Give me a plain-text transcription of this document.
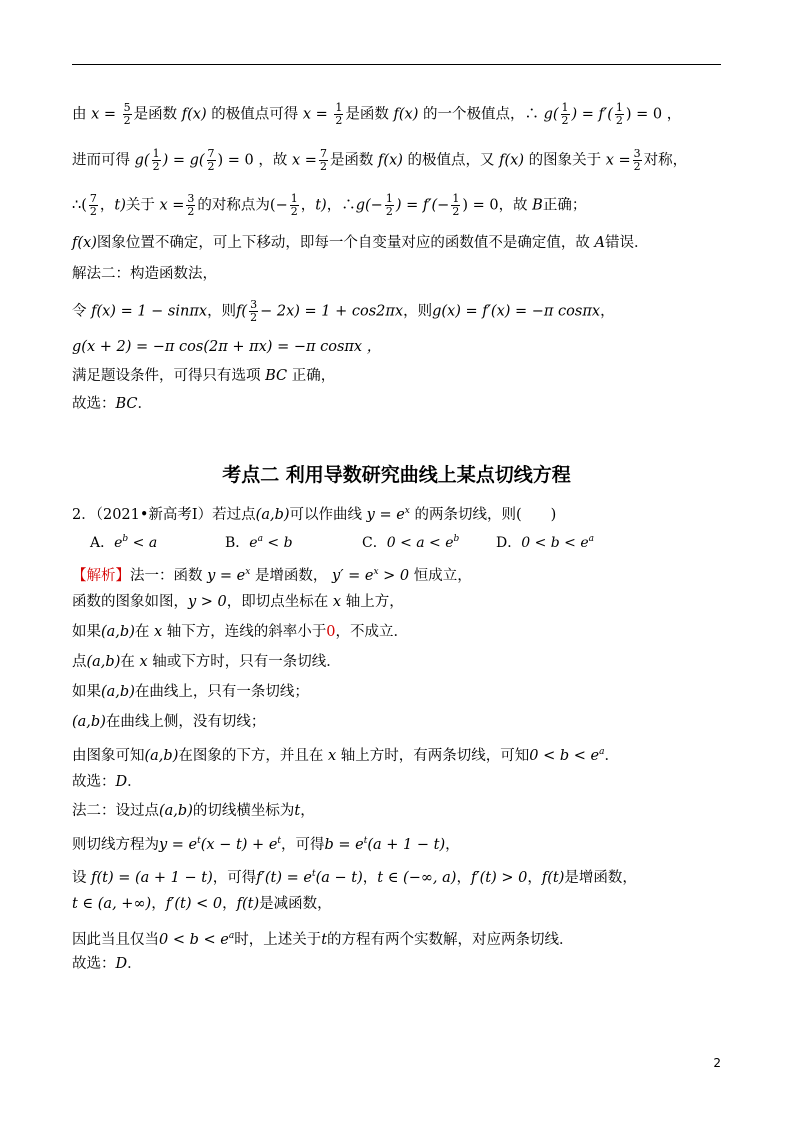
由 $x = \frac{5}{2}$ 是函数 f(x) 的极值点可得 $x = \frac{1}{2}$ 是函数 f(x) 的一个极值点，∴ $g( \frac{1}{2}$ ) = $f'( \frac{1}{2}$ ) = 0 ，
进而可得 $g( \frac{1}{2}$ ) = $g( \frac{7}{2}$ ) = 0 ，故 $x = \frac{7}{2}$ 是函数 f(x) 的极值点，又 f(x) 的图象关于 $x = \frac{3}{2}$ 对称，
∴( $\frac{7}{2}$ ，t)关于 $x = \frac{3}{2}$ 的对称点为(− $\frac{1}{2}$ ，t)，∴g(− $\frac{1}{2}$ ) = $f'(- \frac{1}{2}$ ) = 0，故 B正确；
f(x)图象位置不确定，可上下移动，即每一个自变量对应的函数值不是确定值，故 A错误．
解法二：构造函数法，
令 f(x) = 1 − sinπx，则$f( \frac{3}{2} - 2x) = 1 + \cos 2\pi x$，则g(x) = f′(x) = −π cosπx，
g(x + 2) = −π cos(2π + πx) = −π cosπx ，
满足题设条件，可得只有选项 BC 正确，
故选：BC．
考点二 利用导数研究曲线上某点切线方程
2．（2021•新高考Ⅰ）若过点(a,b)可以作曲线 $y = e^x$ 的两条切线，则(　　)
A．$e^b < a$	B．$e^a < b$	C．$0 < a < e^b$	D．$0 < b < e^a$
【解析】法一：函数 $y = e^x$ 是增函数， $y' = e^x > 0$ 恒成立，
函数的图象如图，y > 0，即切点坐标在 x 轴上方，
如果(a,b)在 x 轴下方，连线的斜率小于0，不成立．
点(a,b)在 x 轴或下方时，只有一条切线．
如果(a,b)在曲线上，只有一条切线；
(a,b)在曲线上侧，没有切线；
由图象可知(a,b)在图象的下方，并且在 x 轴上方时，有两条切线，可知$0 < b < e^a$．
故选：D．
法二：设过点(a,b)的切线横坐标为t，
则切线方程为$y = e^t(x - t) + e^t$，可得$b = e^t(a + 1 - t)$，
设 f(t) = (a + 1 − t)，可得$f'(t) = e^t(a - t)$，t ∈ (−∞, a)，f′(t) > 0，f(t)是增函数，
t ∈ (a, +∞)，f′(t) < 0，f(t)是减函数，
因此当且仅当$0 < b < e^a$时，上述关于t的方程有两个实数解，对应两条切线．
故选：D．
2
